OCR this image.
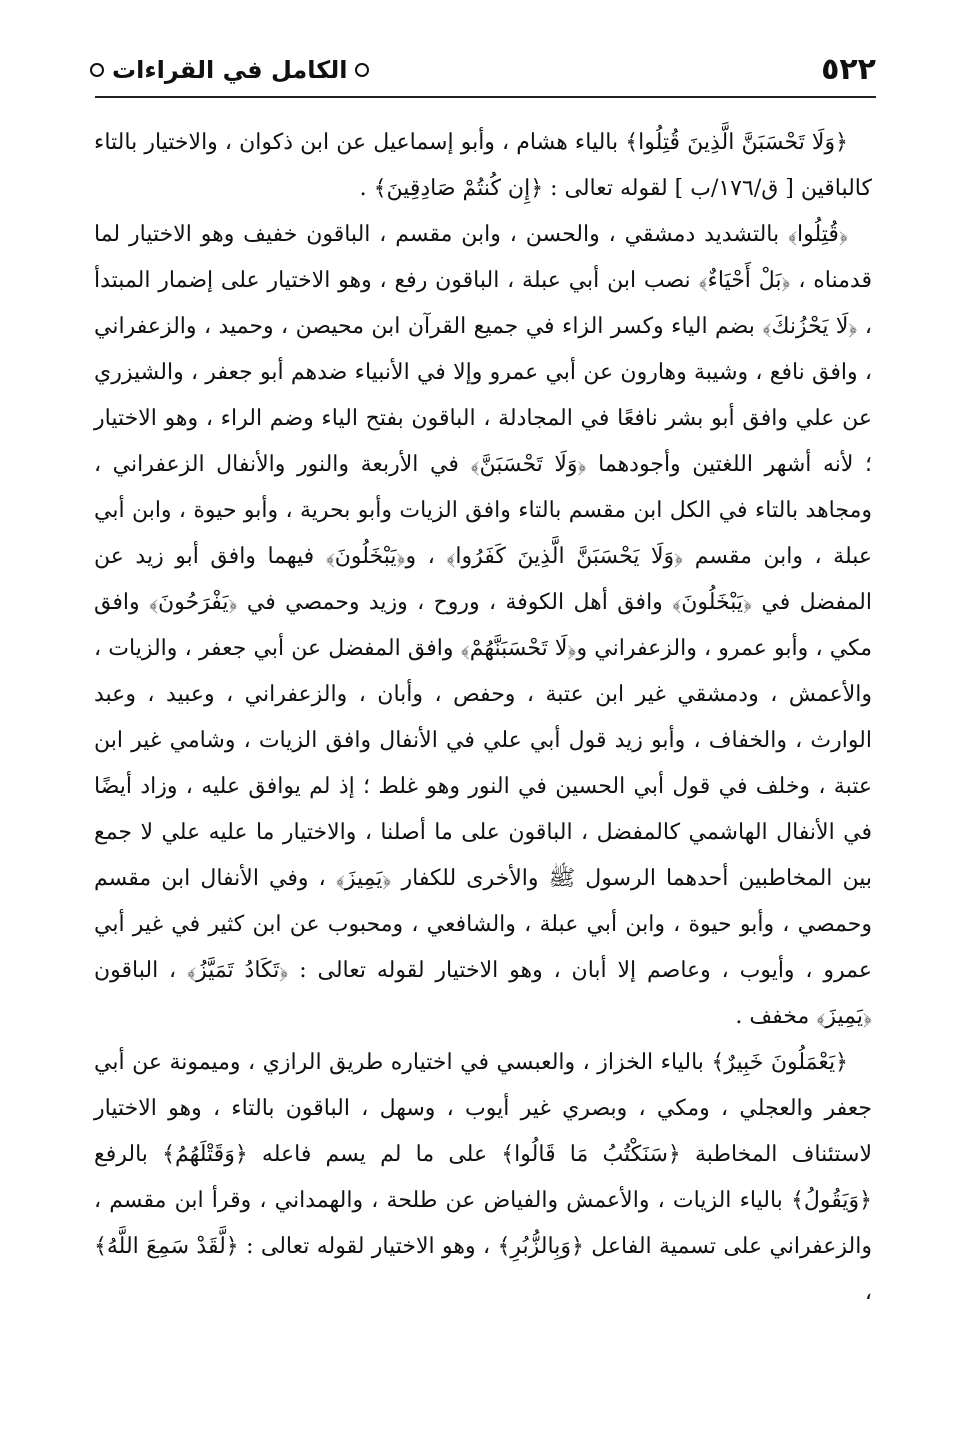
٥٢٢
الكامل في القراءات

﴿وَلَا تَحْسَبَنَّ الَّذِينَ قُتِلُوا﴾ بالياء هشام ، وأبو إسماعيل عن ابن ذكوان ، والاختيار بالتاء كالباقين [ ق/١٧٦/ب ] لقوله تعالى : ﴿إِن كُنتُمْ صَادِقِينَ﴾ .

﴿قُتِلُوا﴾ بالتشديد دمشقي ، والحسن ، وابن مقسم ، الباقون خفيف وهو الاختيار لما قدمناه ، ﴿بَلْ أَحْيَاءٌ﴾ نصب ابن أبي عبلة ، الباقون رفع ، وهو الاختيار على إضمار المبتدأ ، ﴿لَا يَحْزُنكَ﴾ بضم الياء وكسر الزاء في جميع القرآن ابن محيصن ، وحميد ، والزعفراني ، وافق نافع ، وشيبة وهارون عن أبي عمرو وإلا في الأنبياء ضدهم أبو جعفر ، والشيزري عن علي وافق أبو بشر نافعًا في المجادلة ، الباقون بفتح الياء وضم الراء ، وهو الاختيار ؛ لأنه أشهر اللغتين وأجودهما ﴿وَلَا تَحْسَبَنَّ﴾ في الأربعة والنور والأنفال الزعفراني ، ومجاهد بالتاء في الكل ابن مقسم بالتاء وافق الزيات وأبو بحرية ، وأبو حيوة ، وابن أبي عبلة ، وابن مقسم ﴿وَلَا يَحْسَبَنَّ الَّذِينَ كَفَرُوا﴾ ، و﴿يَبْخَلُونَ﴾ فيهما وافق أبو زيد عن المفضل في ﴿يَبْخَلُونَ﴾ وافق أهل الكوفة ، وروح ، وزيد وحمصي في ﴿يَفْرَحُونَ﴾ وافق مكي ، وأبو عمرو ، والزعفراني و﴿لَا تَحْسَبَنَّهُمْ﴾ وافق المفضل عن أبي جعفر ، والزيات ، والأعمش ، ودمشقي غير ابن عتبة ، وحفص ، وأبان ، والزعفراني ، وعبيد ، وعبد الوارث ، والخفاف ، وأبو زيد قول أبي علي في الأنفال وافق الزيات ، وشامي غير ابن عتبة ، وخلف في قول أبي الحسين في النور وهو غلط ؛ إذ لم يوافق عليه ، وزاد أيضًا في الأنفال الهاشمي كالمفضل ، الباقون على ما أصلنا ، والاختيار ما عليه علي لا جمع بين المخاطبين أحدهما الرسول ﷺ والأخرى للكفار ﴿يَمِيزَ﴾ ، وفي الأنفال ابن مقسم وحمصي ، وأبو حيوة ، وابن أبي عبلة ، والشافعي ، ومحبوب عن ابن كثير في غير أبي عمرو ، وأيوب ، وعاصم إلا أبان ، وهو الاختيار لقوله تعالى : ﴿تَكَادُ تَمَيَّزُ﴾ ، الباقون ﴿يَمِيزَ﴾ مخفف .

﴿يَعْمَلُونَ خَبِيرٌ﴾ بالياء الخزاز ، والعبسي في اختياره طريق الرازي ، وميمونة عن أبي جعفر والعجلي ، ومكي ، وبصري غير أيوب ، وسهل ، الباقون بالتاء ، وهو الاختيار لاستئناف المخاطبة ﴿سَنَكْتُبُ مَا قَالُوا﴾ على ما لم يسم فاعله ﴿وَقَتْلَهُمُ﴾ بالرفع ﴿وَيَقُولُ﴾ بالياء الزيات ، والأعمش والفياض عن طلحة ، والهمداني ، وقرأ ابن مقسم ، والزعفراني على تسمية الفاعل ﴿وَبِالزُّبُرِ﴾ ، وهو الاختيار لقوله تعالى : ﴿لَّقَدْ سَمِعَ اللَّهُ﴾ ،
